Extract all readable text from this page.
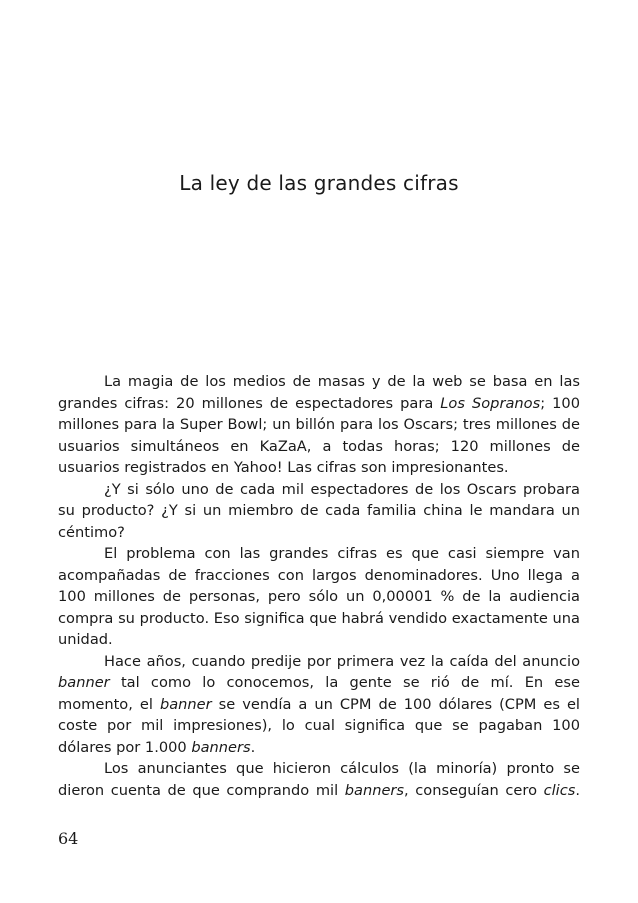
La ley de las grandes cifras

La magia de los medios de masas y de la web se basa en las grandes cifras: 20 millones de espectadores para Los Sopranos; 100 millones para la Super Bowl; un billón para los Oscars; tres millones de usuarios simultáneos en KaZaA, a todas horas; 120 millones de usuarios registrados en Yahoo! Las cifras son impresionantes.

¿Y si sólo uno de cada mil espectadores de los Oscars probara su producto? ¿Y si un miembro de cada familia china le mandara un céntimo?

El problema con las grandes cifras es que casi siempre van acompañadas de fracciones con largos denominadores. Uno llega a 100 millones de personas, pero sólo un 0,00001 % de la audiencia compra su producto. Eso significa que habrá vendido exactamente una unidad.

Hace años, cuando predije por primera vez la caída del anuncio banner tal como lo conocemos, la gente se rió de mí. En ese momento, el banner se vendía a un CPM de 100 dólares (CPM es el coste por mil impresiones), lo cual significa que se pagaban 100 dólares por 1.000 banners.

Los anunciantes que hicieron cálculos (la minoría) pronto se dieron cuenta de que comprando mil banners, conseguían cero clics.

64
